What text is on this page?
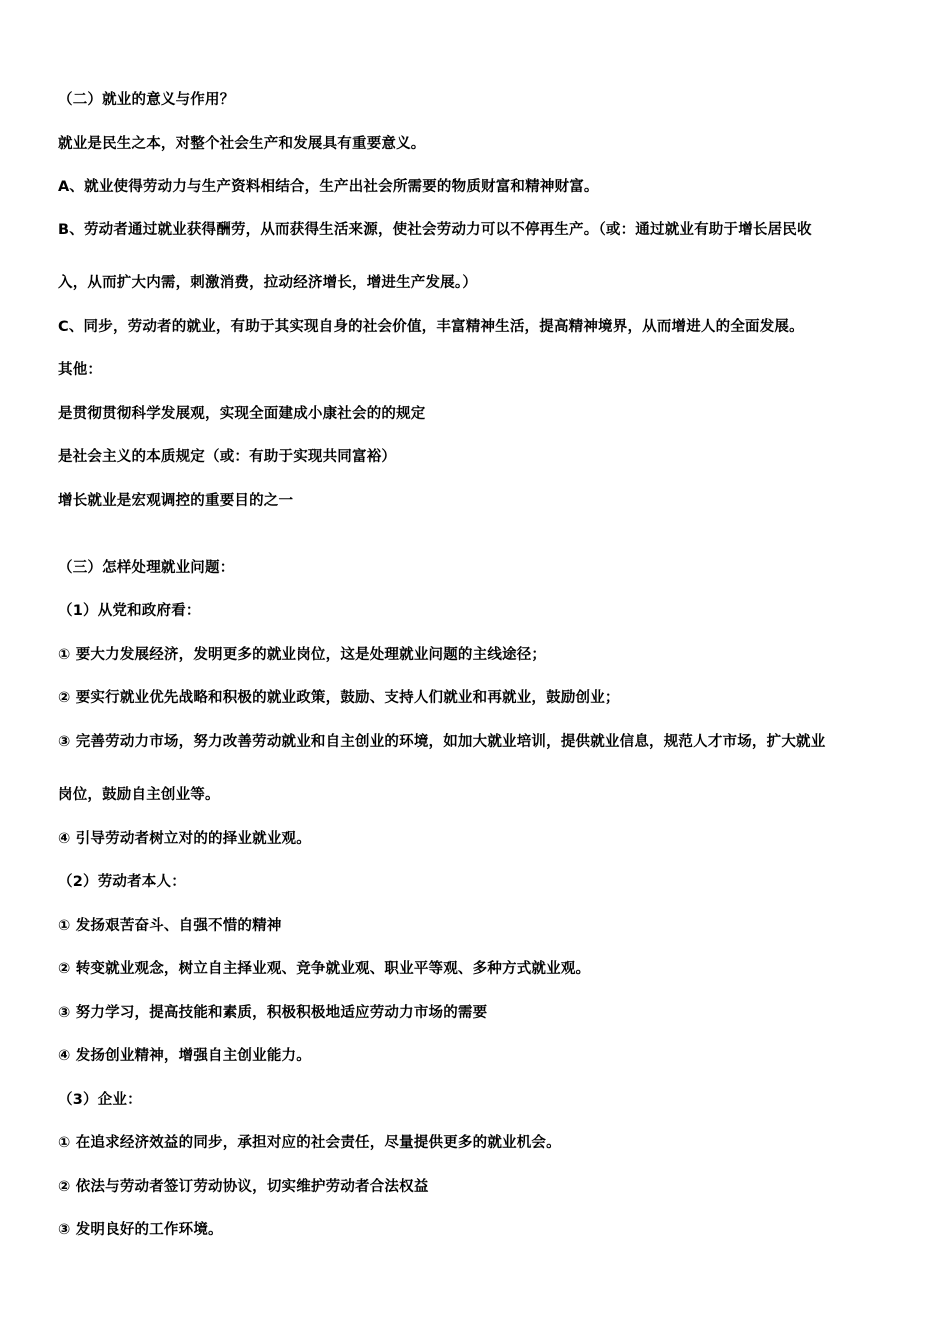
（二）就业的意义与作用？
就业是民生之本，对整个社会生产和发展具有重要意义。
A、就业使得劳动力与生产资料相结合，生产出社会所需要的物质财富和精神财富。
B、劳动者通过就业获得酬劳，从而获得生活来源，使社会劳动力可以不停再生产。（或：通过就业有助于增长居民收
入，从而扩大内需，刺激消费，拉动经济增长，增进生产发展。）
C、同步，劳动者的就业，有助于其实现自身的社会价值，丰富精神生活，提高精神境界，从而增进人的全面发展。
其他：
是贯彻贯彻科学发展观，实现全面建成小康社会的的规定
是社会主义的本质规定（或：有助于实现共同富裕）
增长就业是宏观调控的重要目的之一
（三）怎样处理就业问题：
（1）从党和政府看：
① 要大力发展经济，发明更多的就业岗位，这是处理就业问题的主线途径；
② 要实行就业优先战略和积极的就业政策，鼓励、支持人们就业和再就业，鼓励创业；
③ 完善劳动力市场，努力改善劳动就业和自主创业的环境，如加大就业培训，提供就业信息，规范人才市场，扩大就业
岗位，鼓励自主创业等。
④ 引导劳动者树立对的的择业就业观。
（2）劳动者本人：
① 发扬艰苦奋斗、自强不惜的精神
② 转变就业观念，树立自主择业观、竞争就业观、职业平等观、多种方式就业观。
③ 努力学习，提高技能和素质，积极积极地适应劳动力市场的需要
④ 发扬创业精神，增强自主创业能力。
（3）企业：
① 在追求经济效益的同步，承担对应的社会责任，尽量提供更多的就业机会。
② 依法与劳动者签订劳动协议，切实维护劳动者合法权益
③ 发明良好的工作环境。
